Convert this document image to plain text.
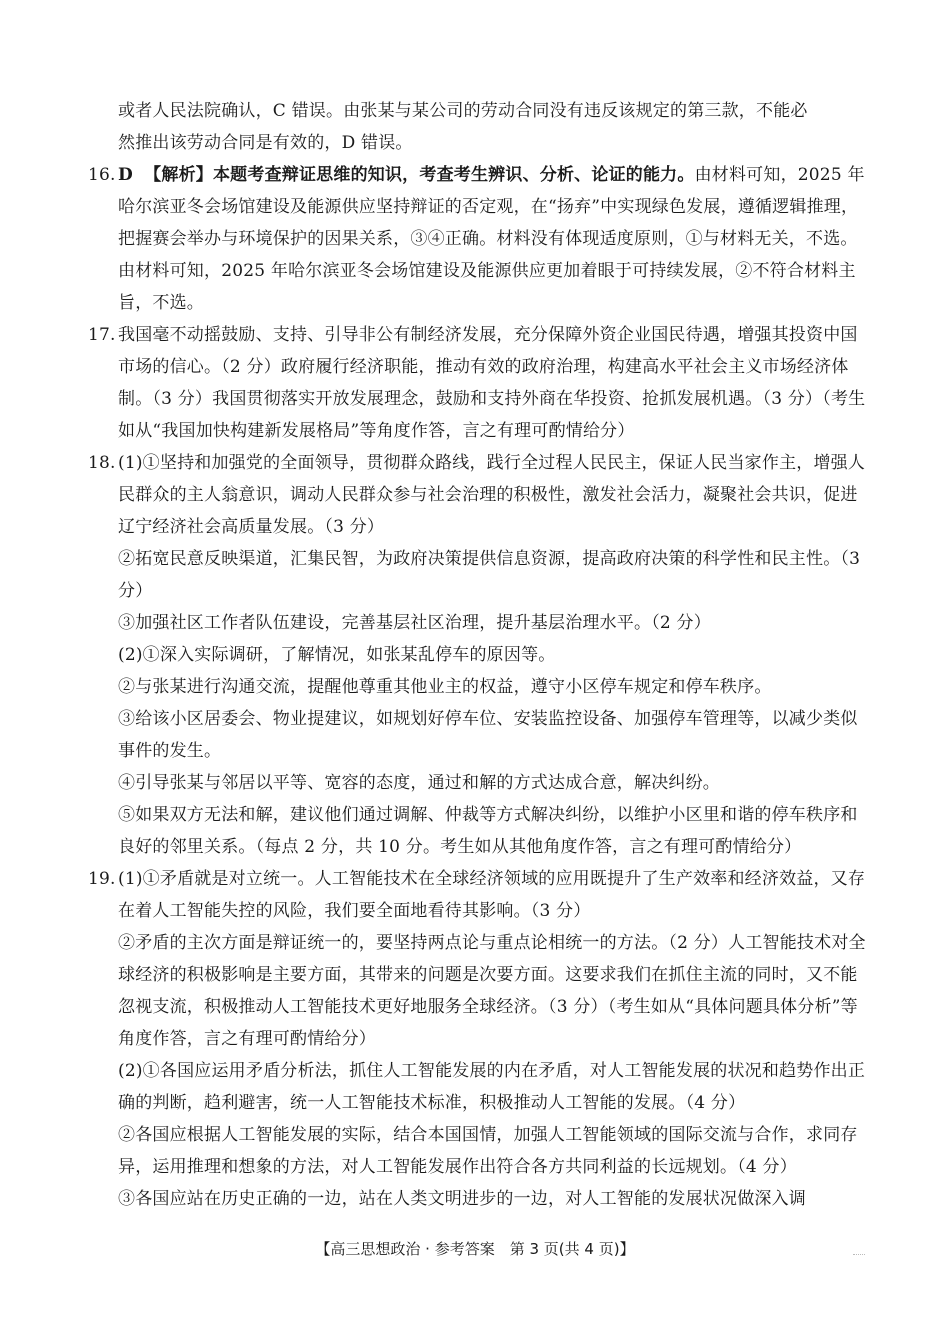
或者人民法院确认，C 错误。由张某与某公司的劳动合同没有违反该规定的第三款，不能必
然推出该劳动合同是有效的，D 错误。

16. D 【解析】本题考查辩证思维的知识，考查考生辨识、分析、论证的能力。由材料可知，2025 年哈尔滨亚冬会场馆建设及能源供应坚持辩证的否定观，在“扬弃”中实现绿色发展，遵循逻辑推理，把握赛会举办与环境保护的因果关系，③④正确。材料没有体现适度原则，①与材料无关，不选。由材料可知，2025 年哈尔滨亚冬会场馆建设及能源供应更加着眼于可持续发展，②不符合材料主旨，不选。
17. 我国毫不动摇鼓励、支持、引导非公有制经济发展，充分保障外资企业国民待遇，增强其投资中国市场的信心。（2 分）政府履行经济职能，推动有效的政府治理，构建高水平社会主义市场经济体制。（3 分）我国贯彻落实开放发展理念，鼓励和支持外商在华投资、抢抓发展机遇。（3 分）（考生如从“我国加快构建新发展格局”等角度作答，言之有理可酌情给分）
18. (1)①坚持和加强党的全面领导，贯彻群众路线，践行全过程人民民主，保证人民当家作主，增强人民群众的主人翁意识，调动人民群众参与社会治理的积极性，激发社会活力，凝聚社会共识，促进辽宁经济社会高质量发展。（3 分）
②拓宽民意反映渠道，汇集民智，为政府决策提供信息资源，提高政府决策的科学性和民主性。（3 分）
③加强社区工作者队伍建设，完善基层社区治理，提升基层治理水平。（2 分）
(2)①深入实际调研，了解情况，如张某乱停车的原因等。
②与张某进行沟通交流，提醒他尊重其他业主的权益，遵守小区停车规定和停车秩序。
③给该小区居委会、物业提建议，如规划好停车位、安装监控设备、加强停车管理等，以减少类似事件的发生。
④引导张某与邻居以平等、宽容的态度，通过和解的方式达成合意，解决纠纷。
⑤如果双方无法和解，建议他们通过调解、仲裁等方式解决纠纷，以维护小区里和谐的停车秩序和良好的邻里关系。（每点 2 分，共 10 分。考生如从其他角度作答，言之有理可酌情给分）
19. (1)①矛盾就是对立统一。人工智能技术在全球经济领域的应用既提升了生产效率和经济效益，又存在着人工智能失控的风险，我们要全面地看待其影响。（3 分）
②矛盾的主次方面是辩证统一的，要坚持两点论与重点论相统一的方法。（2 分）人工智能技术对全球经济的积极影响是主要方面，其带来的问题是次要方面。这要求我们在抓住主流的同时，又不能忽视支流，积极推动人工智能技术更好地服务全球经济。（3 分）（考生如从“具体问题具体分析”等角度作答，言之有理可酌情给分）
(2)①各国应运用矛盾分析法，抓住人工智能发展的内在矛盾，对人工智能发展的状况和趋势作出正确的判断，趋利避害，统一人工智能技术标准，积极推动人工智能的发展。（4 分）
②各国应根据人工智能发展的实际，结合本国国情，加强人工智能领域的国际交流与合作，求同存异，运用推理和想象的方法，对人工智能发展作出符合各方共同利益的长远规划。（4 分）
③各国应站在历史正确的一边，站在人类文明进步的一边，对人工智能的发展状况做深入调
【高三思想政治 · 参考答案　第 3 页(共 4 页)】
